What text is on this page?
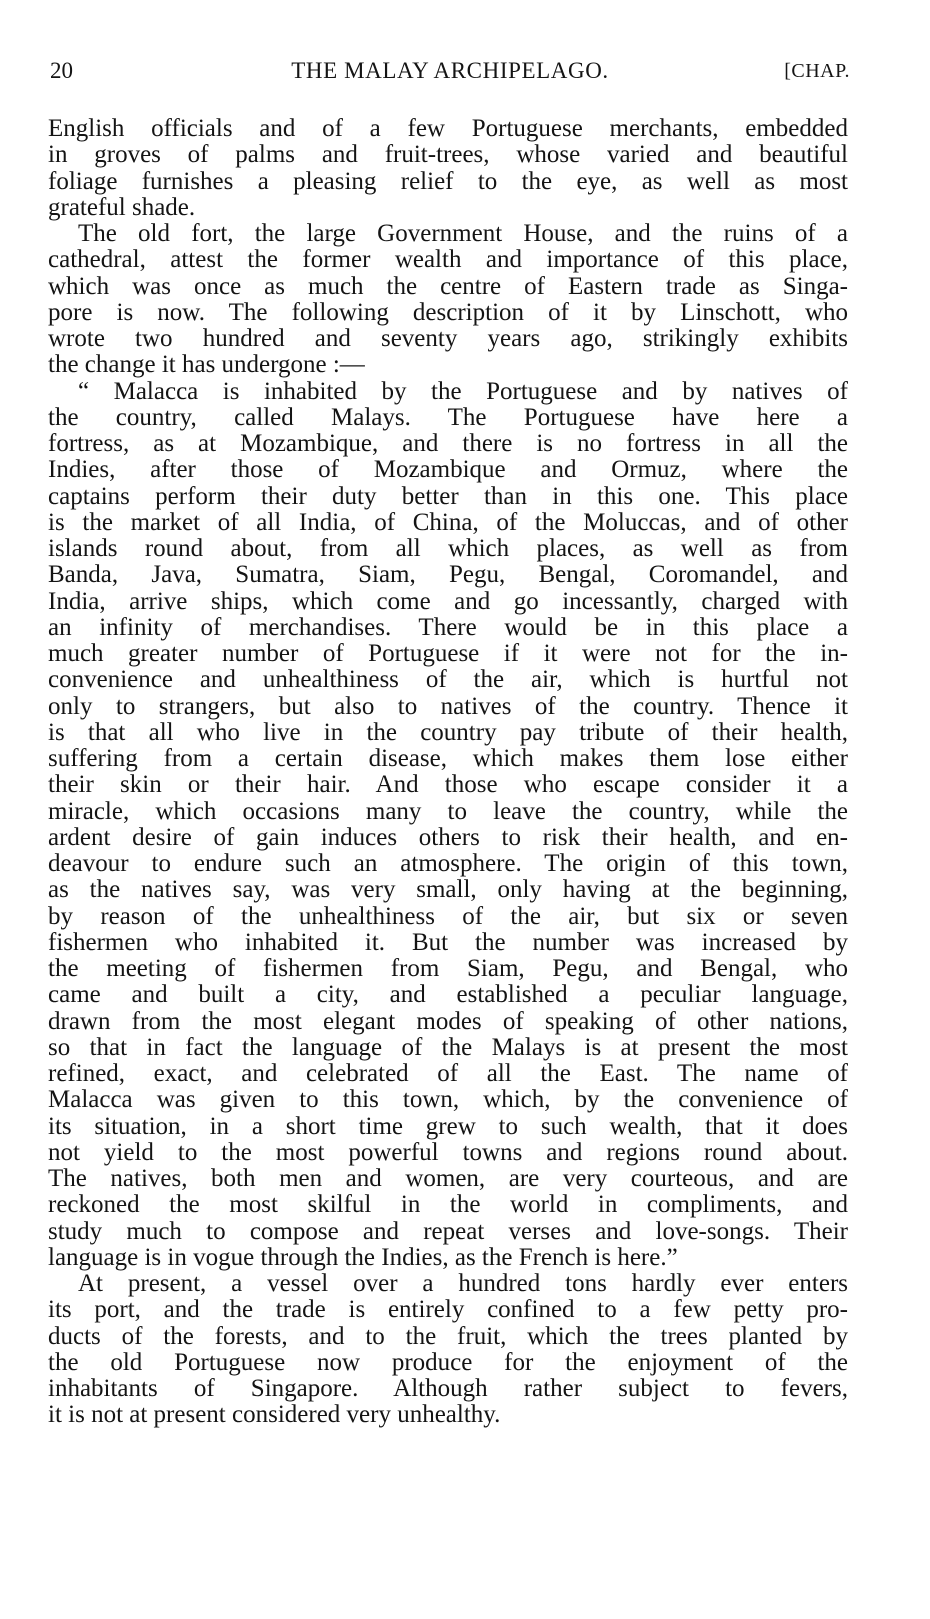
20	THE MALAY ARCHIPELAGO.	[CHAP.
English officials and of a few Portuguese merchants, embedded
in groves of palms and fruit-trees, whose varied and beautiful
foliage furnishes a pleasing relief to the eye, as well as most
grateful shade.
The old fort, the large Government House, and the ruins of a
cathedral, attest the former wealth and importance of this place,
which was once as much the centre of Eastern trade as Singa-
pore is now. The following description of it by Linschott, who
wrote two hundred and seventy years ago, strikingly exhibits
the change it has undergone :—
“ Malacca is inhabited by the Portuguese and by natives of
the country, called Malays. The Portuguese have here a
fortress, as at Mozambique, and there is no fortress in all the
Indies, after those of Mozambique and Ormuz, where the
captains perform their duty better than in this one. This place
is the market of all India, of China, of the Moluccas, and of other
islands round about, from all which places, as well as from
Banda, Java, Sumatra, Siam, Pegu, Bengal, Coromandel, and
India, arrive ships, which come and go incessantly, charged with
an infinity of merchandises. There would be in this place a
much greater number of Portuguese if it were not for the in-
convenience and unhealthiness of the air, which is hurtful not
only to strangers, but also to natives of the country. Thence it
is that all who live in the country pay tribute of their health,
suffering from a certain disease, which makes them lose either
their skin or their hair. And those who escape consider it a
miracle, which occasions many to leave the country, while the
ardent desire of gain induces others to risk their health, and en-
deavour to endure such an atmosphere. The origin of this town,
as the natives say, was very small, only having at the beginning,
by reason of the unhealthiness of the air, but six or seven
fishermen who inhabited it. But the number was increased by
the meeting of fishermen from Siam, Pegu, and Bengal, who
came and built a city, and established a peculiar language,
drawn from the most elegant modes of speaking of other nations,
so that in fact the language of the Malays is at present the most
refined, exact, and celebrated of all the East. The name of
Malacca was given to this town, which, by the convenience of
its situation, in a short time grew to such wealth, that it does
not yield to the most powerful towns and regions round about.
The natives, both men and women, are very courteous, and are
reckoned the most skilful in the world in compliments, and
study much to compose and repeat verses and love-songs. Their
language is in vogue through the Indies, as the French is here.”
At present, a vessel over a hundred tons hardly ever enters
its port, and the trade is entirely confined to a few petty pro-
ducts of the forests, and to the fruit, which the trees planted by
the old Portuguese now produce for the enjoyment of the
inhabitants of Singapore. Although rather subject to fevers,
it is not at present considered very unhealthy.
